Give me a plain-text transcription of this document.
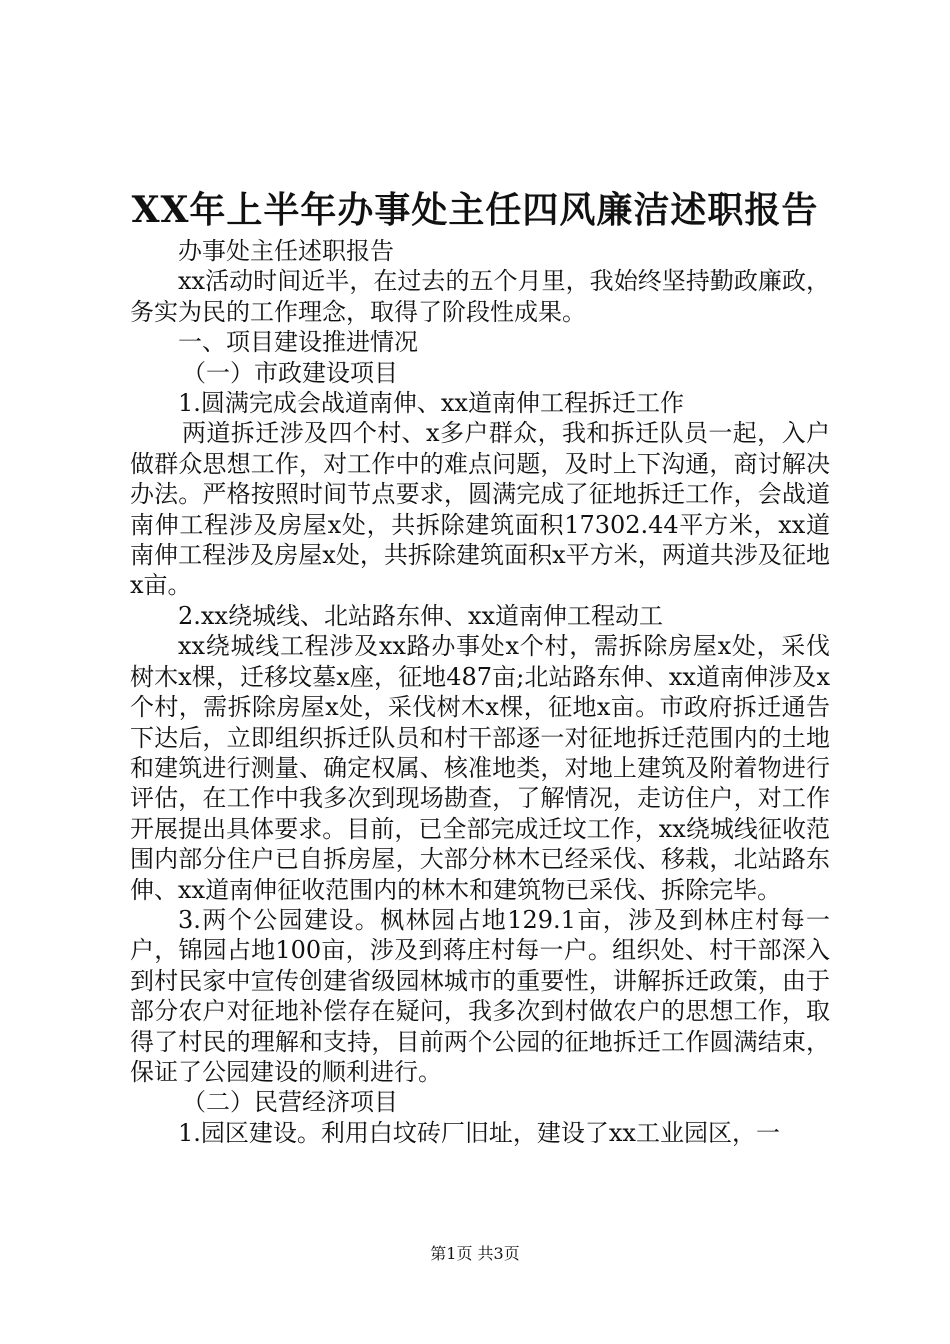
XX年上半年办事处主任四风廉洁述职报告

办事处主任述职报告

xx活动时间近半，在过去的五个月里，我始终坚持勤政廉政，务实为民的工作理念，取得了阶段性成果。

一、项目建设推进情况

（一）市政建设项目

1.圆满完成会战道南伸、xx道南伸工程拆迁工作

两道拆迁涉及四个村、x多户群众，我和拆迁队员一起，入户做群众思想工作，对工作中的难点问题，及时上下沟通，商讨解决办法。严格按照时间节点要求，圆满完成了征地拆迁工作，会战道南伸工程涉及房屋x处，共拆除建筑面积17302.44平方米，xx道南伸工程涉及房屋x处，共拆除建筑面积x平方米，两道共涉及征地x亩。

2.xx绕城线、北站路东伸、xx道南伸工程动工

xx绕城线工程涉及xx路办事处x个村，需拆除房屋x处，采伐树木x棵，迁移坟墓x座，征地487亩;北站路东伸、xx道南伸涉及x个村，需拆除房屋x处，采伐树木x棵，征地x亩。市政府拆迁通告下达后，立即组织拆迁队员和村干部逐一对征地拆迁范围内的土地和建筑进行测量、确定权属、核准地类，对地上建筑及附着物进行评估，在工作中我多次到现场勘查，了解情况，走访住户，对工作开展提出具体要求。目前，已全部完成迁坟工作，xx绕城线征收范围内部分住户已自拆房屋，大部分林木已经采伐、移栽，北站路东伸、xx道南伸征收范围内的林木和建筑物已采伐、拆除完毕。

3.两个公园建设。枫林园占地129.1亩，涉及到林庄村每一户，锦园占地100亩，涉及到蒋庄村每一户。组织处、村干部深入到村民家中宣传创建省级园林城市的重要性，讲解拆迁政策，由于部分农户对征地补偿存在疑问，我多次到村做农户的思想工作，取得了村民的理解和支持，目前两个公园的征地拆迁工作圆满结束，保证了公园建设的顺利进行。

（二）民营经济项目

1.园区建设。利用白坟砖厂旧址，建设了xx工业园区，一

第1页 共3页
